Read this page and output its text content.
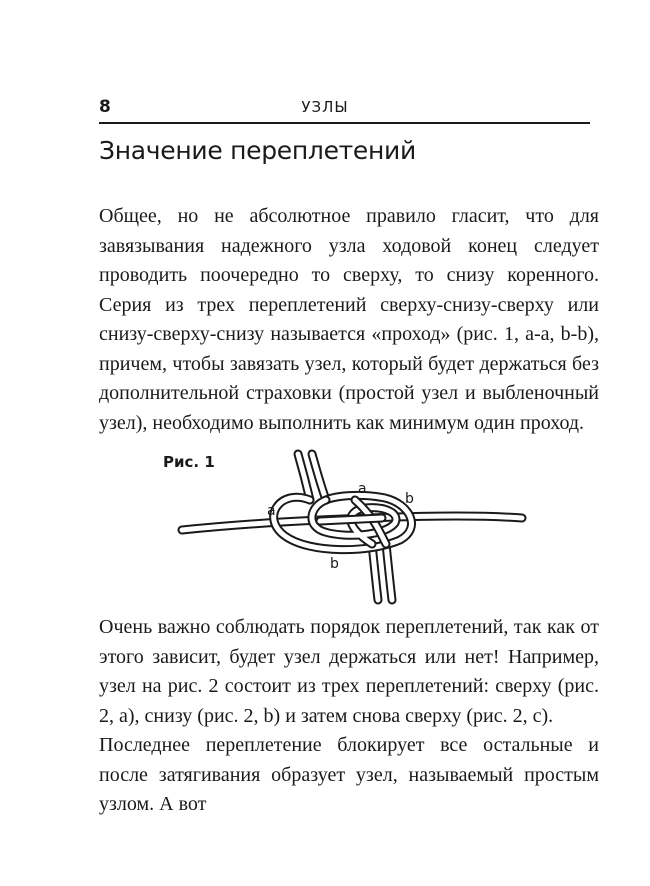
8	УЗЛЫ
Значение переплетений

Общее, но не абсолютное правило гласит, что для завязывания надежного узла ходовой конец следует проводить поочередно то сверху, то снизу коренного. Серия из трех переплетений сверху-снизу-сверху или снизу-сверху-снизу называется «проход» (рис. 1, a-a, b-b), причем, чтобы завязать узел, который будет держаться без дополнительной страховки (простой узел и выбленочный узел), необходимо выполнить как минимум один проход.

a
a
b
b
Рис. 1

Очень важно соблюдать порядок переплетений, так как от этого зависит, будет узел держаться или нет! Например, узел на рис. 2 состоит из трех переплетений: сверху (рис. 2, a), снизу (рис. 2, b) и затем снова сверху (рис. 2, c).

Последнее переплетение блокирует все остальные и после затягивания образует узел, называемый простым узлом. А вот
